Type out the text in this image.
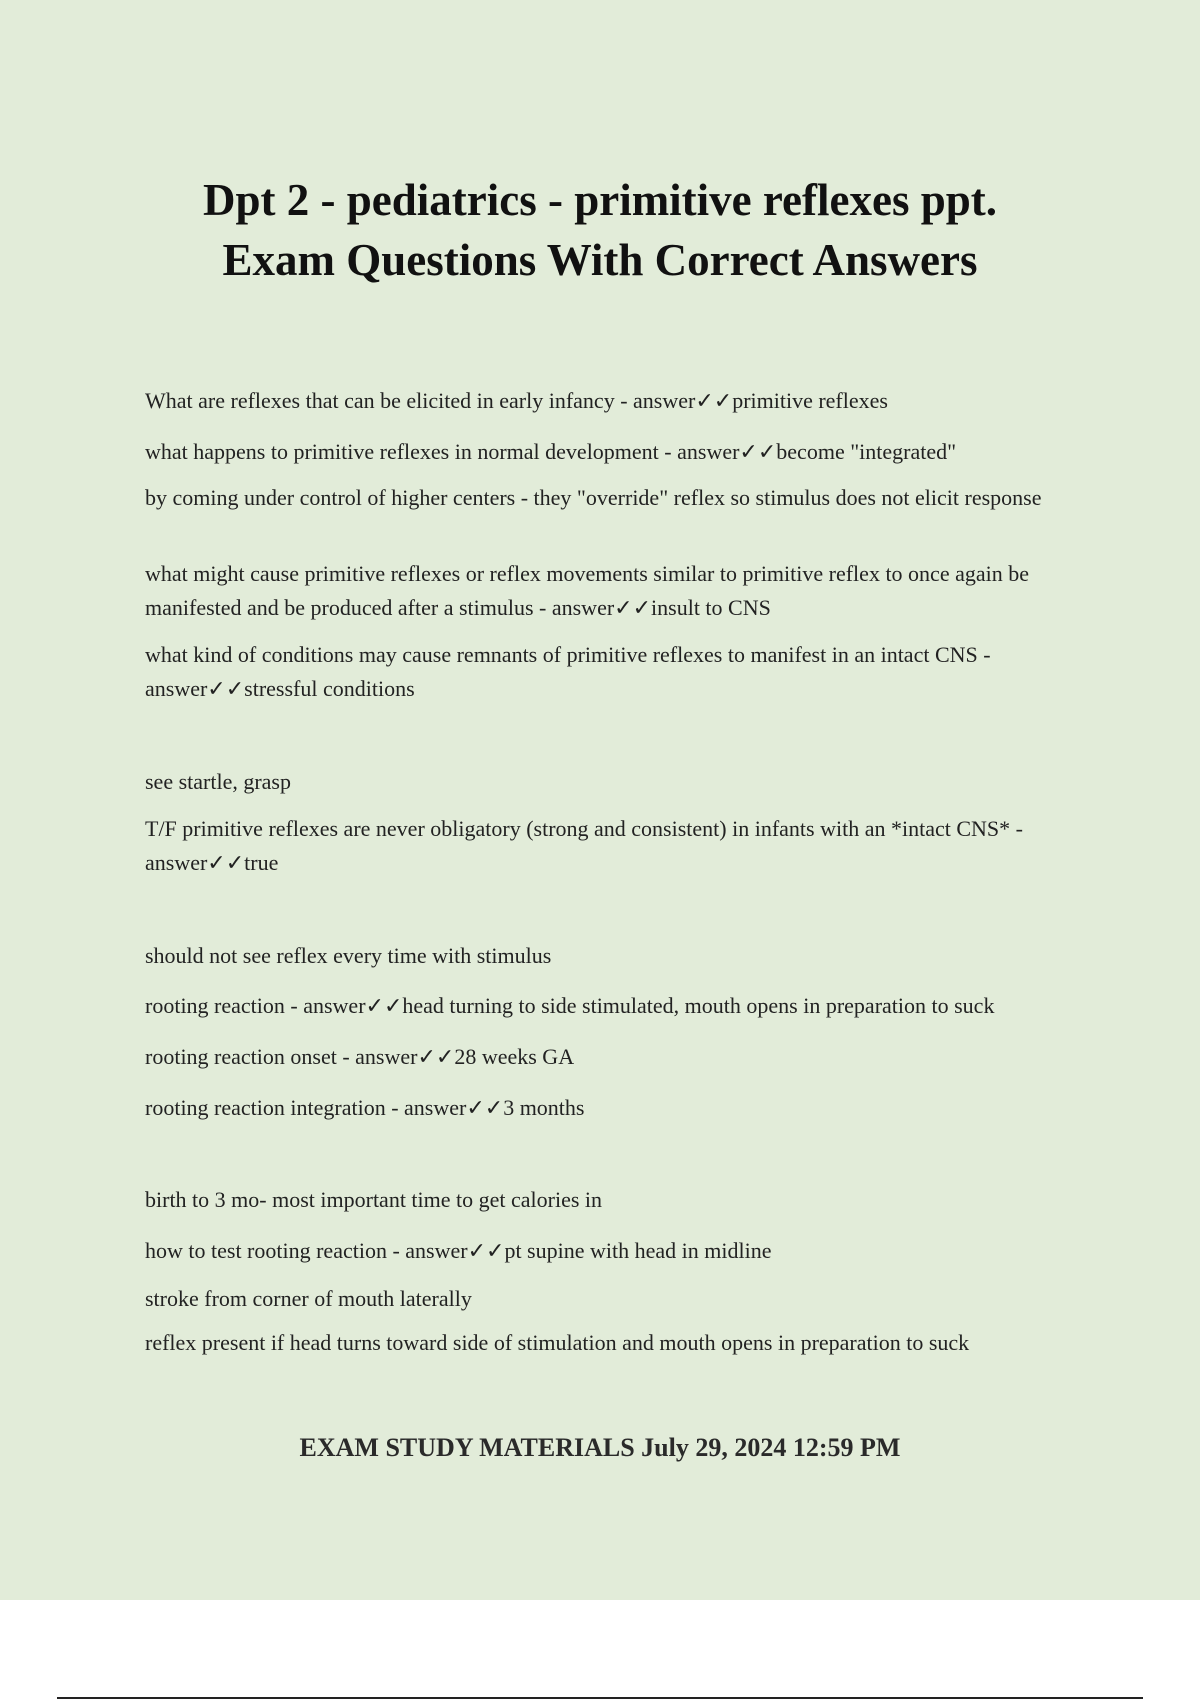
Dpt 2 - pediatrics - primitive reflexes ppt.
Exam Questions With Correct Answers

What are reflexes that can be elicited in early infancy - answer✓✓primitive reflexes

what happens to primitive reflexes in normal development - answer✓✓become "integrated"

by coming under control of higher centers - they "override" reflex so stimulus does not elicit response

what might cause primitive reflexes or reflex movements similar to primitive reflex to once again be manifested and be produced after a stimulus - answer✓✓insult to CNS

what kind of conditions may cause remnants of primitive reflexes to manifest in an intact CNS - answer✓✓stressful conditions

see startle, grasp

T/F primitive reflexes are never obligatory (strong and consistent) in infants with an *intact CNS* - answer✓✓true

should not see reflex every time with stimulus

rooting reaction - answer✓✓head turning to side stimulated, mouth opens in preparation to suck

rooting reaction onset - answer✓✓28 weeks GA

rooting reaction integration - answer✓✓3 months

birth to 3 mo- most important time to get calories in

how to test rooting reaction - answer✓✓pt supine with head in midline

stroke from corner of mouth laterally

reflex present if head turns toward side of stimulation and mouth opens in preparation to suck

EXAM STUDY MATERIALS July 29, 2024 12:59 PM
